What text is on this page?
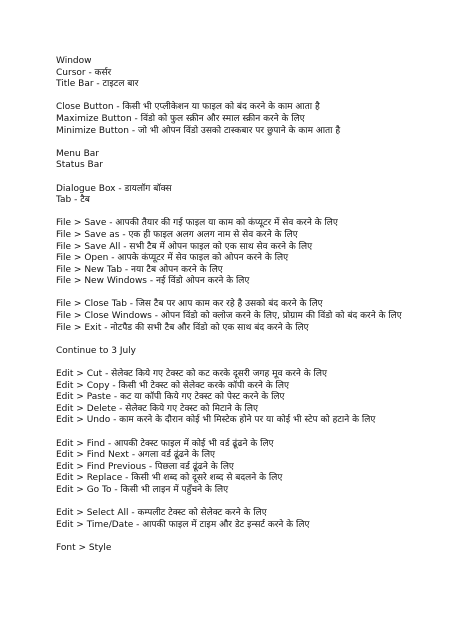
Window
Cursor - कर्सर
Title Bar - टाइटल बार
Close Button - किसी भी एप्लीकेशन या फाइल को बंद करने के काम आता है
Maximize Button - विंडो को फुल स्क्रीन और स्माल स्क्रीन करने के लिए
Minimize Button - जो भी ओपन विंडो उसको टास्कबार पर छुपाने के काम आता है
Menu Bar
Status Bar
Dialogue Box - डायलॉग बॉक्स
Tab - टैब
File > Save - आपकी तैयार की गई फाइल या काम को कंप्यूटर में सेव करने के लिए
File > Save as - एक ही फाइल अलग अलग नाम से सेव करने के लिए
File > Save All - सभी टैब में ओपन फाइल को एक साथ सेव करने के लिए
File > Open - आपके कंप्यूटर में सेव फाइल को ओपन करने के लिए
File > New Tab - नया टैब ओपन करने के लिए
File > New Windows - नई विंडो ओपन करने के लिए
File > Close Tab - जिस टैब पर आप काम कर रहे है उसको बंद करने के लिए
File > Close Windows - ओपन विंडो को क्लोज करने के लिए, प्रोग्राम की विंडो को बंद करने के लिए
File > Exit - नोटपैड की सभी टैब और विंडो को एक साथ बंद करने के लिए
Continue to 3 July
Edit > Cut - सेलेक्ट किये गए टेक्स्ट को कट करके दूसरी जगह मूव करने के लिए
Edit > Copy - किसी भी टेक्स्ट को सेलेक्ट करके कॉपी करने के लिए
Edit > Paste - कट या कॉपी किये गए टेक्स्ट को पेस्ट करने के लिए
Edit > Delete - सेलेक्ट किये गए टेक्स्ट को मिटाने के लिए
Edit > Undo - काम करने के दौरान कोई भी मिस्टेक होने पर या कोई भी स्टेप को हटाने के लिए
Edit > Find - आपकी टेक्स्ट फाइल में कोई भी वर्ड ढूंढने के लिए
Edit > Find Next - अगला वर्ड ढूंढने के लिए
Edit > Find Previous - पिछला वर्ड ढूंढने के लिए
Edit > Replace - किसी भी शब्द को दूसरे शब्द से बदलने के लिए
Edit > Go To - किसी भी लाइन में पहुँचने के लिए
Edit > Select All - कम्पलीट टेक्स्ट को सेलेक्ट करने के लिए
Edit > Time/Date - आपकी फाइल में टाइम और डेट इन्सर्ट करने के लिए
Font > Style
